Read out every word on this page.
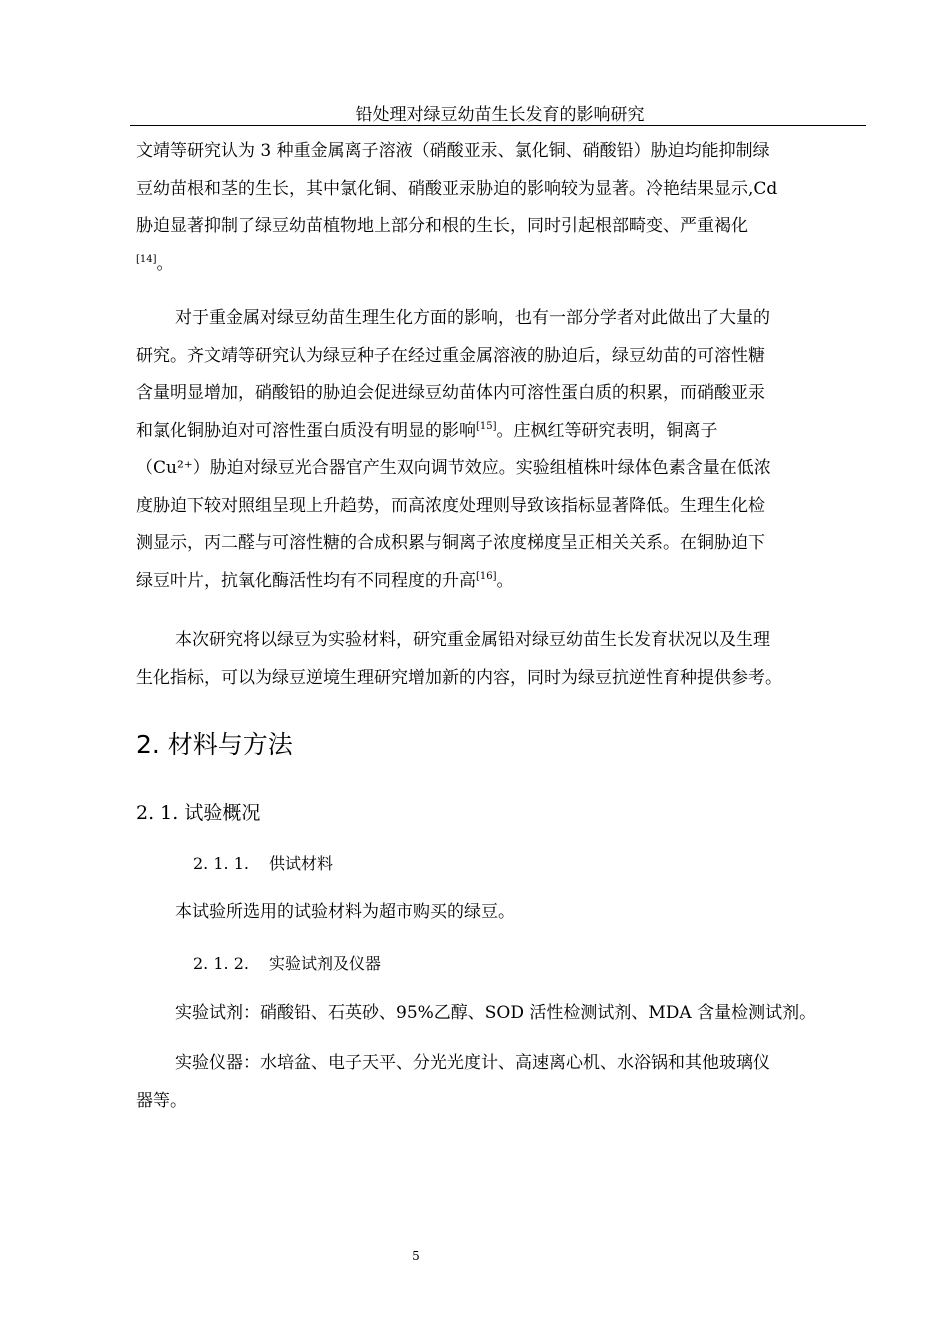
铅处理对绿豆幼苗生长发育的影响研究
文靖等研究认为 3 种重金属离子溶液（硝酸亚汞、氯化铜、硝酸铅）胁迫均能抑制绿
豆幼苗根和茎的生长，其中氯化铜、硝酸亚汞胁迫的影响较为显著。冷艳结果显示,Cd
胁迫显著抑制了绿豆幼苗植物地上部分和根的生长，同时引起根部畸变、严重褐化
[14]。
对于重金属对绿豆幼苗生理生化方面的影响，也有一部分学者对此做出了大量的
研究。齐文靖等研究认为绿豆种子在经过重金属溶液的胁迫后，绿豆幼苗的可溶性糖
含量明显增加，硝酸铅的胁迫会促进绿豆幼苗体内可溶性蛋白质的积累，而硝酸亚汞
和氯化铜胁迫对可溶性蛋白质没有明显的影响[15]。庄枫红等研究表明，铜离子
（Cu²⁺）胁迫对绿豆光合器官产生双向调节效应。实验组植株叶绿体色素含量在低浓
度胁迫下较对照组呈现上升趋势，而高浓度处理则导致该指标显著降低。生理生化检
测显示，丙二醛与可溶性糖的合成积累与铜离子浓度梯度呈正相关关系。在铜胁迫下
绿豆叶片，抗氧化酶活性均有不同程度的升高[16]。
本次研究将以绿豆为实验材料，研究重金属铅对绿豆幼苗生长发育状况以及生理
生化指标，可以为绿豆逆境生理研究增加新的内容，同时为绿豆抗逆性育种提供参考。
2. 材料与方法
2. 1. 试验概况
2. 1. 1. 供试材料
本试验所选用的试验材料为超市购买的绿豆。
2. 1. 2. 实验试剂及仪器
实验试剂：硝酸铅、石英砂、95%乙醇、SOD 活性检测试剂、MDA 含量检测试剂。
实验仪器：水培盆、电子天平、分光光度计、高速离心机、水浴锅和其他玻璃仪
器等。
5
